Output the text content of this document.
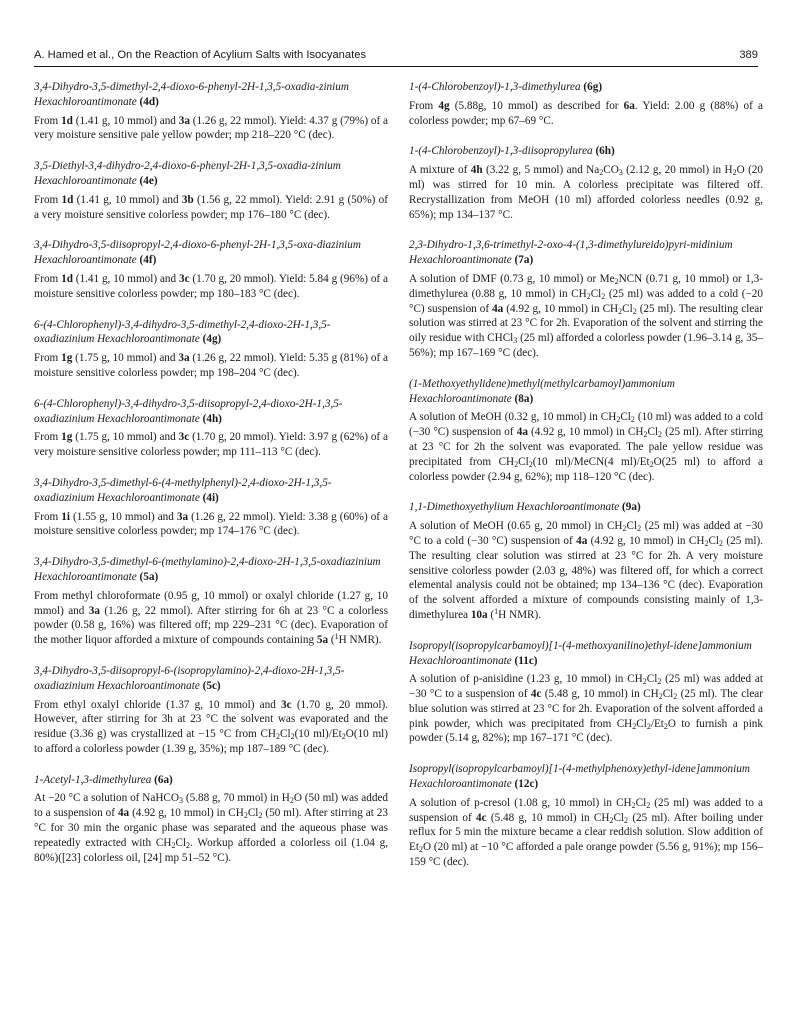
A. Hamed et al., On the Reaction of Acylium Salts with Isocyanates	389
3,4-Dihydro-3,5-dimethyl-2,4-dioxo-6-phenyl-2H-1,3,5-oxadia-zinium Hexachloroantimonate (4d)

From 1d (1.41 g, 10 mmol) and 3a (1.26 g, 22 mmol). Yield: 4.37 g (79%) of a very moisture sensitive pale yellow powder; mp 218–220 °C (dec).

3,5-Diethyl-3,4-dihydro-2,4-dioxo-6-phenyl-2H-1,3,5-oxadia-zinium Hexachloroantimonate (4e)

From 1d (1.41 g, 10 mmol) and 3b (1.56 g, 22 mmol). Yield: 2.91 g (50%) of a very moisture sensitive colorless powder; mp 176–180 °C (dec).

3,4-Dihydro-3,5-diisopropyl-2,4-dioxo-6-phenyl-2H-1,3,5-oxa-diazinium Hexachloroantimonate (4f)

From 1d (1.41 g, 10 mmol) and 3c (1.70 g, 20 mmol). Yield: 5.84 g (96%) of a moisture sensitive colorless powder; mp 180–183 °C (dec).

6-(4-Chlorophenyl)-3,4-dihydro-3,5-dimethyl-2,4-dioxo-2H-1,3,5-oxadiazinium Hexachloroantimonate (4g)

From 1g (1.75 g, 10 mmol) and 3a (1.26 g, 22 mmol). Yield: 5.35 g (81%) of a moisture sensitive colorless powder; mp 198–204 °C (dec).

6-(4-Chlorophenyl)-3,4-dihydro-3,5-diisopropyl-2,4-dioxo-2H-1,3,5-oxadiazinium Hexachloroantimonate (4h)

From 1g (1.75 g, 10 mmol) and 3c (1.70 g, 20 mmol). Yield: 3.97 g (62%) of a very moisture sensitive colorless powder; mp 111–113 °C (dec).

3,4-Dihydro-3,5-dimethyl-6-(4-methylphenyl)-2,4-dioxo-2H-1,3,5-oxadiazinium Hexachloroantimonate (4i)

From 1i (1.55 g, 10 mmol) and 3a (1.26 g, 22 mmol). Yield: 3.38 g (60%) of a moisture sensitive colorless powder; mp 174–176 °C (dec).

3,4-Dihydro-3,5-dimethyl-6-(methylamino)-2,4-dioxo-2H-1,3,5-oxadiazinium Hexachloroantimonate (5a)

From methyl chloroformate (0.95 g, 10 mmol) or oxalyl chloride (1.27 g, 10 mmol) and 3a (1.26 g, 22 mmol). After stirring for 6h at 23 °C a colorless powder (0.58 g, 16%) was filtered off; mp 229–231 °C (dec). Evaporation of the mother liquor afforded a mixture of compounds containing 5a ($^1$H NMR).

3,4-Dihydro-3,5-diisopropyl-6-(isopropylamino)-2,4-dioxo-2H-1,3,5-oxadiazinium Hexachloroantimonate (5c)

From ethyl oxalyl chloride (1.37 g, 10 mmol) and 3c (1.70 g, 20 mmol). However, after stirring for 3h at 23 °C the solvent was evaporated and the residue (3.36 g) was crystallized at −15 °C from $CH_2Cl_2(10$ $ml)/Et_2O(10$ ml) to afford a colorless powder (1.39 g, 35%); mp 187–189 °C (dec).

1-Acetyl-1,3-dimethylurea (6a)

At −20 °C a solution of NaHCO$_3$ (5.88 g, 70 mmol) in $H_2O$ (50 ml) was added to a suspension of 4a (4.92 g, 10 mmol) in $CH_2Cl_2$ (50 ml). After stirring at 23 °C for 30 min the organic phase was separated and the aqueous phase was repeatedly extracted with $CH_2Cl_2$. Workup afforded a colorless oil (1.04 g, 80%)([23] colorless oil, [24] mp 51–52 °C).

1-(4-Chlorobenzoyl)-1,3-dimethylurea (6g)

From 4g (5.88g, 10 mmol) as described for 6a. Yield: 2.00 g (88%) of a colorless powder; mp 67–69 °C.

1-(4-Chlorobenzoyl)-1,3-diisopropylurea (6h)

A mixture of 4h (3.22 g, 5 mmol) and $Na_2CO_3$ (2.12 g, 20 mmol) in $H_2O$ (20 ml) was stirred for 10 min. A colorless precipitate was filtered off. Recrystallization from MeOH (10 ml) afforded colorless needles (0.92 g, 65%); mp 134–137 °C.

2,3-Dihydro-1,3,6-trimethyl-2-oxo-4-(1,3-dimethylureido)pyri-midinium Hexachloroantimonate (7a)

A solution of DMF (0.73 g, 10 mmol) or $Me_2NCN$ (0.71 g, 10 mmol) or 1,3-dimethylurea (0.88 g, 10 mmol) in $CH_2Cl_2$ (25 ml) was added to a cold (−20 °C) suspension of 4a (4.92 g, 10 mmol) in $CH_2Cl_2$ (25 ml). The resulting clear solution was stirred at 23 °C for 2h. Evaporation of the solvent and stirring the oily residue with CHCl$_3$ (25 ml) afforded a colorless powder (1.96–3.14 g, 35–56%); mp 167–169 °C (dec).

(1-Methoxyethylidene)methyl(methylcarbamoyl)ammonium Hexachloroantimonate (8a)

A solution of MeOH (0.32 g, 10 mmol) in $CH_2Cl_2$ (10 ml) was added to a cold (−30 °C) suspension of 4a (4.92 g, 10 mmol) in $CH_2Cl_2$ (25 ml). After stirring at 23 °C for 2h the solvent was evaporated. The pale yellow residue was precipitated from $CH_2Cl_2(10$ ml)/MeCN(4 $ml)/Et_2O(25$ ml) to afford a colorless powder (2.94 g, 62%); mp 118–120 °C (dec).

1,1-Dimethoxyethylium Hexachloroantimonate (9a)

A solution of MeOH (0.65 g, 20 mmol) in $CH_2Cl_2$ (25 ml) was added at −30 °C to a cold (−30 °C) suspension of 4a (4.92 g, 10 mmol) in $CH_2Cl_2$ (25 ml). The resulting clear solution was stirred at 23 °C for 2h. A very moisture sensitive colorless powder (2.03 g, 48%) was filtered off, for which a correct elemental analysis could not be obtained; mp 134–136 °C (dec). Evaporation of the solvent afforded a mixture of compounds consisting mainly of 1,3-dimethylurea 10a ($^1$H NMR).

Isopropyl(isopropylcarbamoyl)[1-(4-methoxyanilino)ethyl-idene]ammonium Hexachloroantimonate (11c)

A solution of p-anisidine (1.23 g, 10 mmol) in $CH_2Cl_2$ (25 ml) was added at −30 °C to a suspension of 4c (5.48 g, 10 mmol) in $CH_2Cl_2$ (25 ml). The clear blue solution was stirred at 23 °C for 2h. Evaporation of the solvent afforded a pink powder, which was precipitated from $CH_2Cl_2/Et_2O$ to furnish a pink powder (5.14 g, 82%); mp 167–171 °C (dec).

Isopropyl(isopropylcarbamoyl)[1-(4-methylphenoxy)ethyl-idene]ammonium Hexachloroantimonate (12c)

A solution of p-cresol (1.08 g, 10 mmol) in $CH_2Cl_2$ (25 ml) was added to a suspension of 4c (5.48 g, 10 mmol) in $CH_2Cl_2$ (25 ml). After boiling under reflux for 5 min the mixture became a clear reddish solution. Slow addition of $Et_2O$ (20 ml) at −10 °C afforded a pale orange powder (5.56 g, 91%); mp 156–159 °C (dec).
